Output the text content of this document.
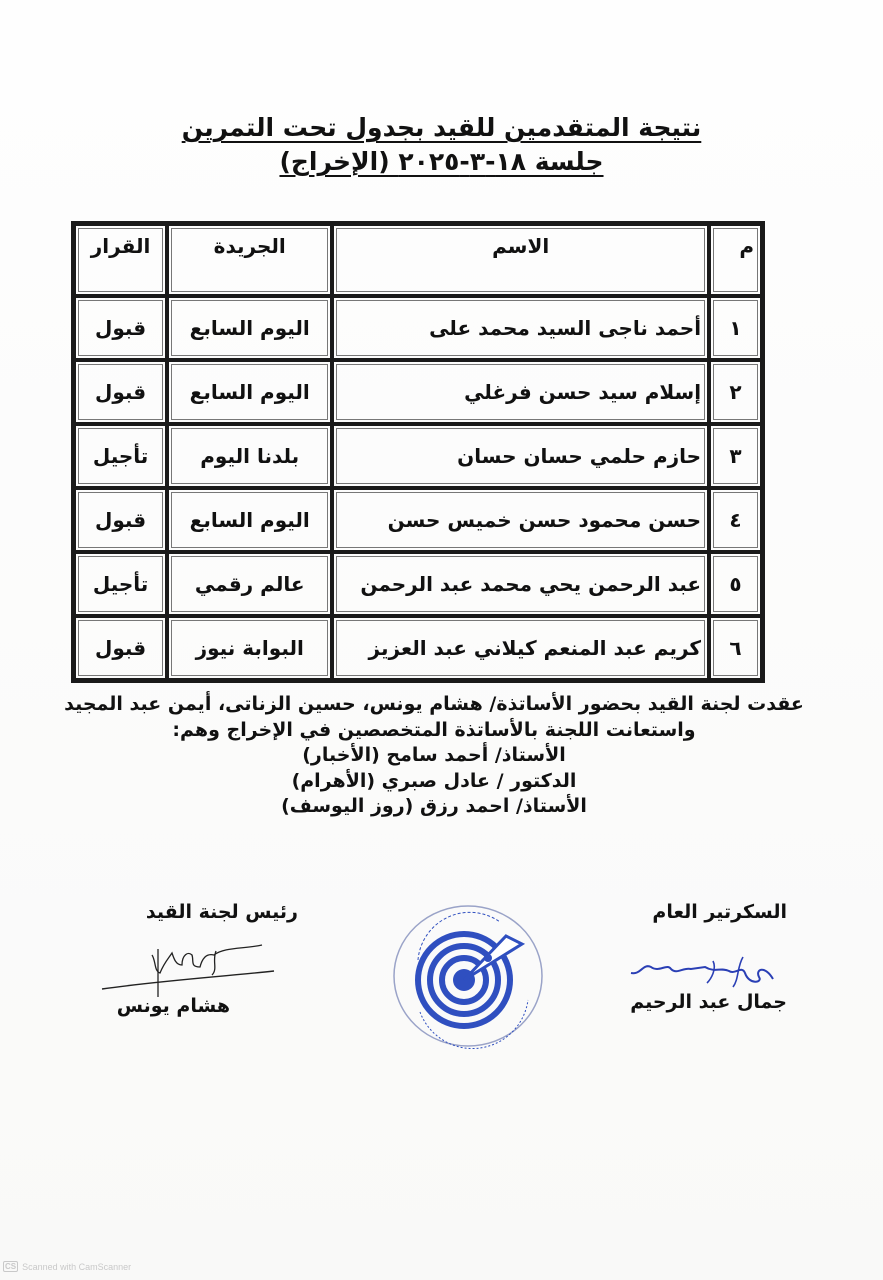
نتيجة المتقدمين للقيد بجدول تحت التمرين
جلسة ١٨-٣-٢٠٢٥ (الإخراج)
م	الاسم	الجريدة	القرار
١	أحمد ناجى السيد محمد على	اليوم السابع	قبول
٢	إسلام سيد حسن فرغلي	اليوم السابع	قبول
٣	حازم حلمي حسان حسان	بلدنا اليوم	تأجيل
٤	حسن محمود حسن خميس حسن	اليوم السابع	قبول
٥	عبد الرحمن يحي محمد عبد الرحمن	عالم رقمي	تأجيل
٦	كريم عبد المنعم كيلاني عبد العزيز	البوابة نيوز	قبول

عقدت لجنة القيد بحضور الأساتذة/ هشام يونس، حسين الزناتى، أيمن عبد المجيد

واستعانت اللجنة بالأساتذة المتخصصين في الإخراج وهم:

الأستاذ/ أحمد سامح (الأخبار)

الدكتور / عادل صبري (الأهرام)

الأستاذ/ احمد رزق (روز اليوسف)

السكرتير العام
جمال عبد الرحيم
رئيس لجنة القيد
هشام يونس
CS Scanned with CamScanner
